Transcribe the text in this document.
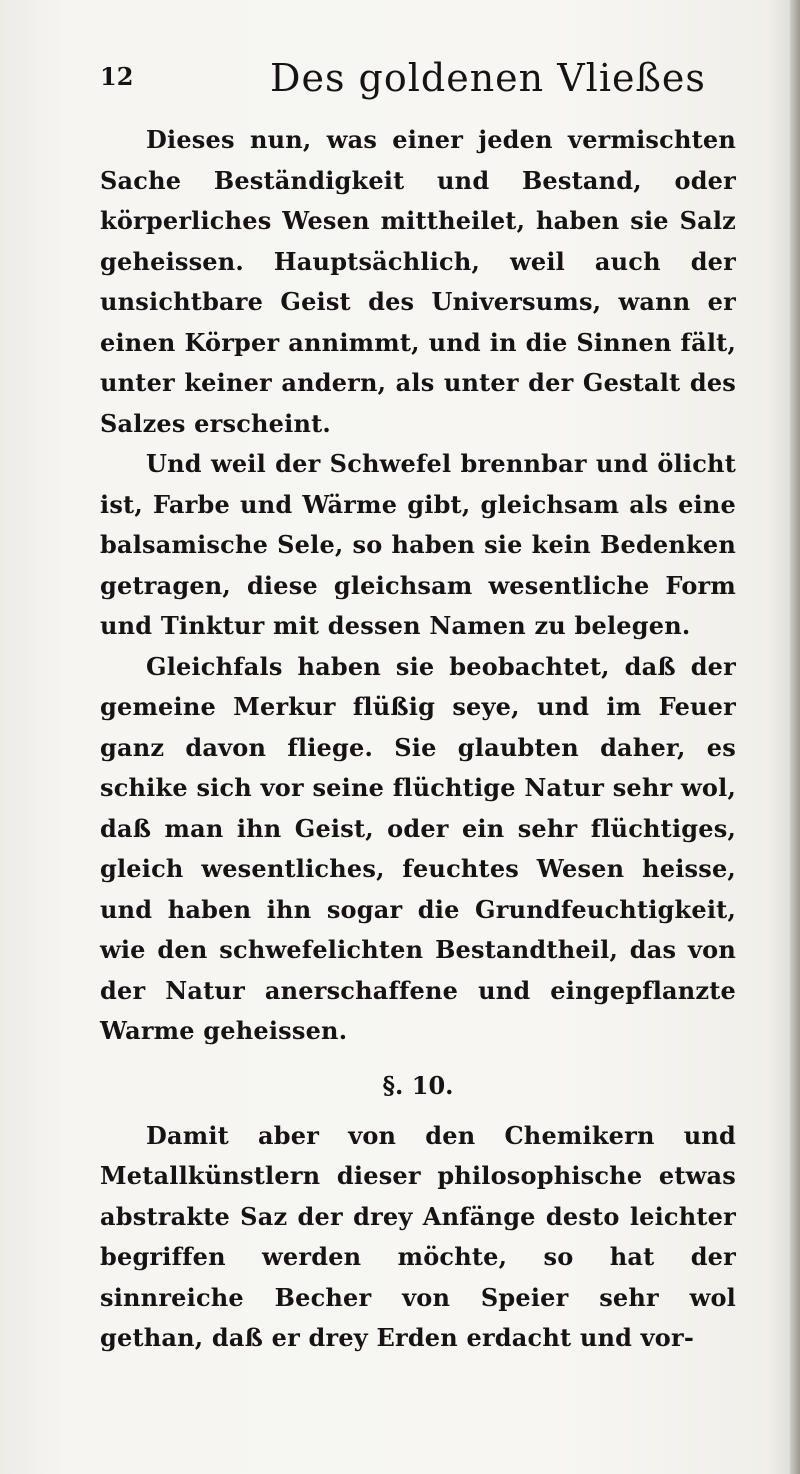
12	Des goldenen Vließes

Dieses nun, was einer jeden vermischten Sache Beständigkeit und Bestand, oder körperliches Wesen mittheilet, haben sie Salz geheissen. Hauptsächlich, weil auch der unsichtbare Geist des Universums, wann er einen Körper annimmt, und in die Sinnen fält, unter keiner andern, als unter der Gestalt des Salzes erscheint.

Und weil der Schwefel brennbar und ölicht ist, Farbe und Wärme gibt, gleichsam als eine balsamische Sele, so haben sie kein Bedenken getragen, diese gleichsam wesentliche Form und Tinktur mit dessen Namen zu belegen.

Gleichfals haben sie beobachtet, daß der gemeine Merkur flüßig seye, und im Feuer ganz davon fliege. Sie glaubten daher, es schike sich vor seine flüchtige Natur sehr wol, daß man ihn Geist, oder ein sehr flüchtiges, gleich wesentliches, feuchtes Wesen heisse, und haben ihn sogar die Grundfeuchtigkeit, wie den schwefelichten Bestandtheil, das von der Natur anerschaffene und eingepflanzte Warme geheissen.

§. 10.

Damit aber von den Chemikern und Metallkünstlern dieser philosophische etwas abstrakte Saz der drey Anfänge desto leichter begriffen werden möchte, so hat der sinnreiche Becher von Speier sehr wol gethan, daß er drey Erden erdacht und vor-
